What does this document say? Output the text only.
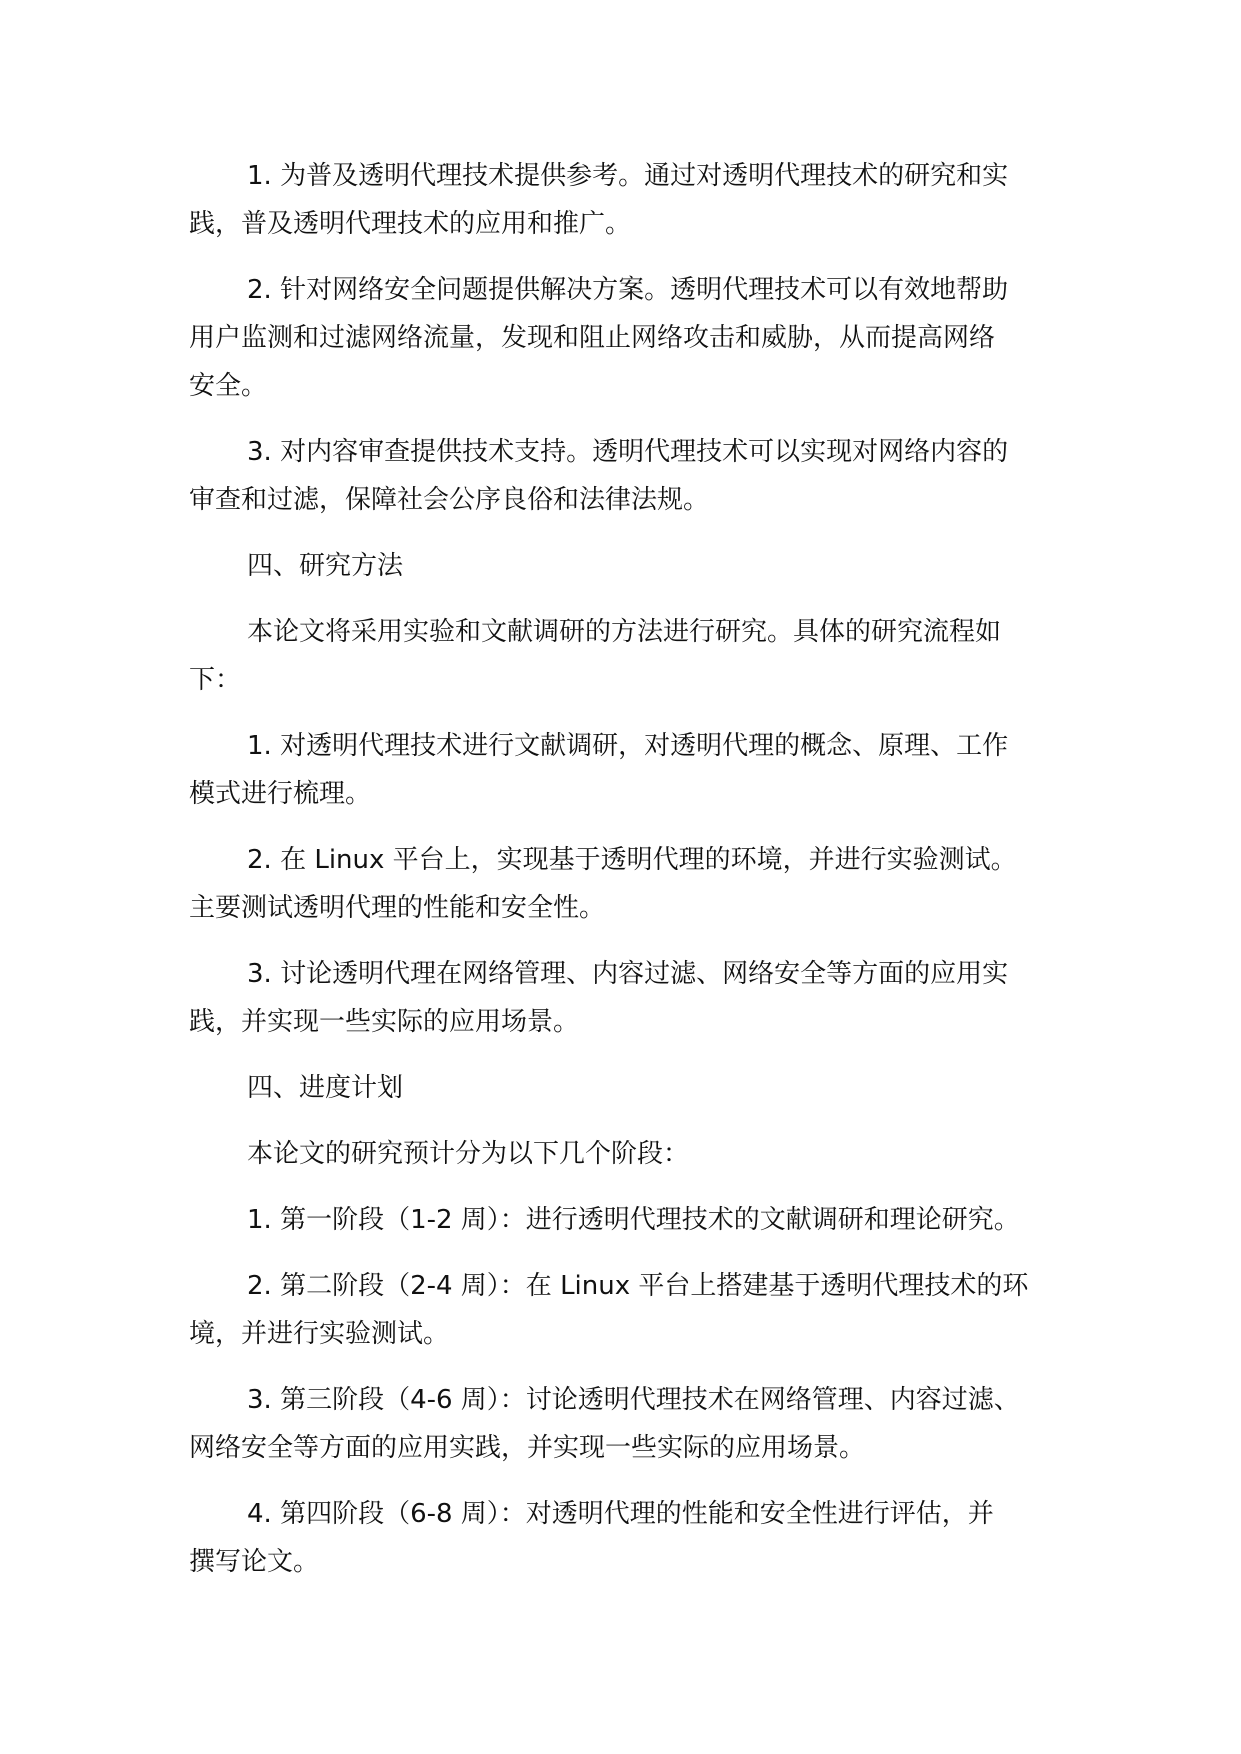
1. 为普及透明代理技术提供参考。通过对透明代理技术的研究和实
践，普及透明代理技术的应用和推广。

2. 针对网络安全问题提供解决方案。透明代理技术可以有效地帮助
用户监测和过滤网络流量，发现和阻止网络攻击和威胁，从而提高网络
安全。

3. 对内容审查提供技术支持。透明代理技术可以实现对网络内容的
审查和过滤，保障社会公序良俗和法律法规。

四、研究方法

本论文将采用实验和文献调研的方法进行研究。具体的研究流程如
下：

1. 对透明代理技术进行文献调研，对透明代理的概念、原理、工作
模式进行梳理。

2. 在 Linux 平台上，实现基于透明代理的环境，并进行实验测试。
主要测试透明代理的性能和安全性。

3. 讨论透明代理在网络管理、内容过滤、网络安全等方面的应用实
践，并实现一些实际的应用场景。

四、进度计划

本论文的研究预计分为以下几个阶段：

1. 第一阶段（1-2 周）：进行透明代理技术的文献调研和理论研究。

2. 第二阶段（2-4 周）：在 Linux 平台上搭建基于透明代理技术的环
境，并进行实验测试。

3. 第三阶段（4-6 周）：讨论透明代理技术在网络管理、内容过滤、
网络安全等方面的应用实践，并实现一些实际的应用场景。

4. 第四阶段（6-8 周）：对透明代理的性能和安全性进行评估，并
撰写论文。
